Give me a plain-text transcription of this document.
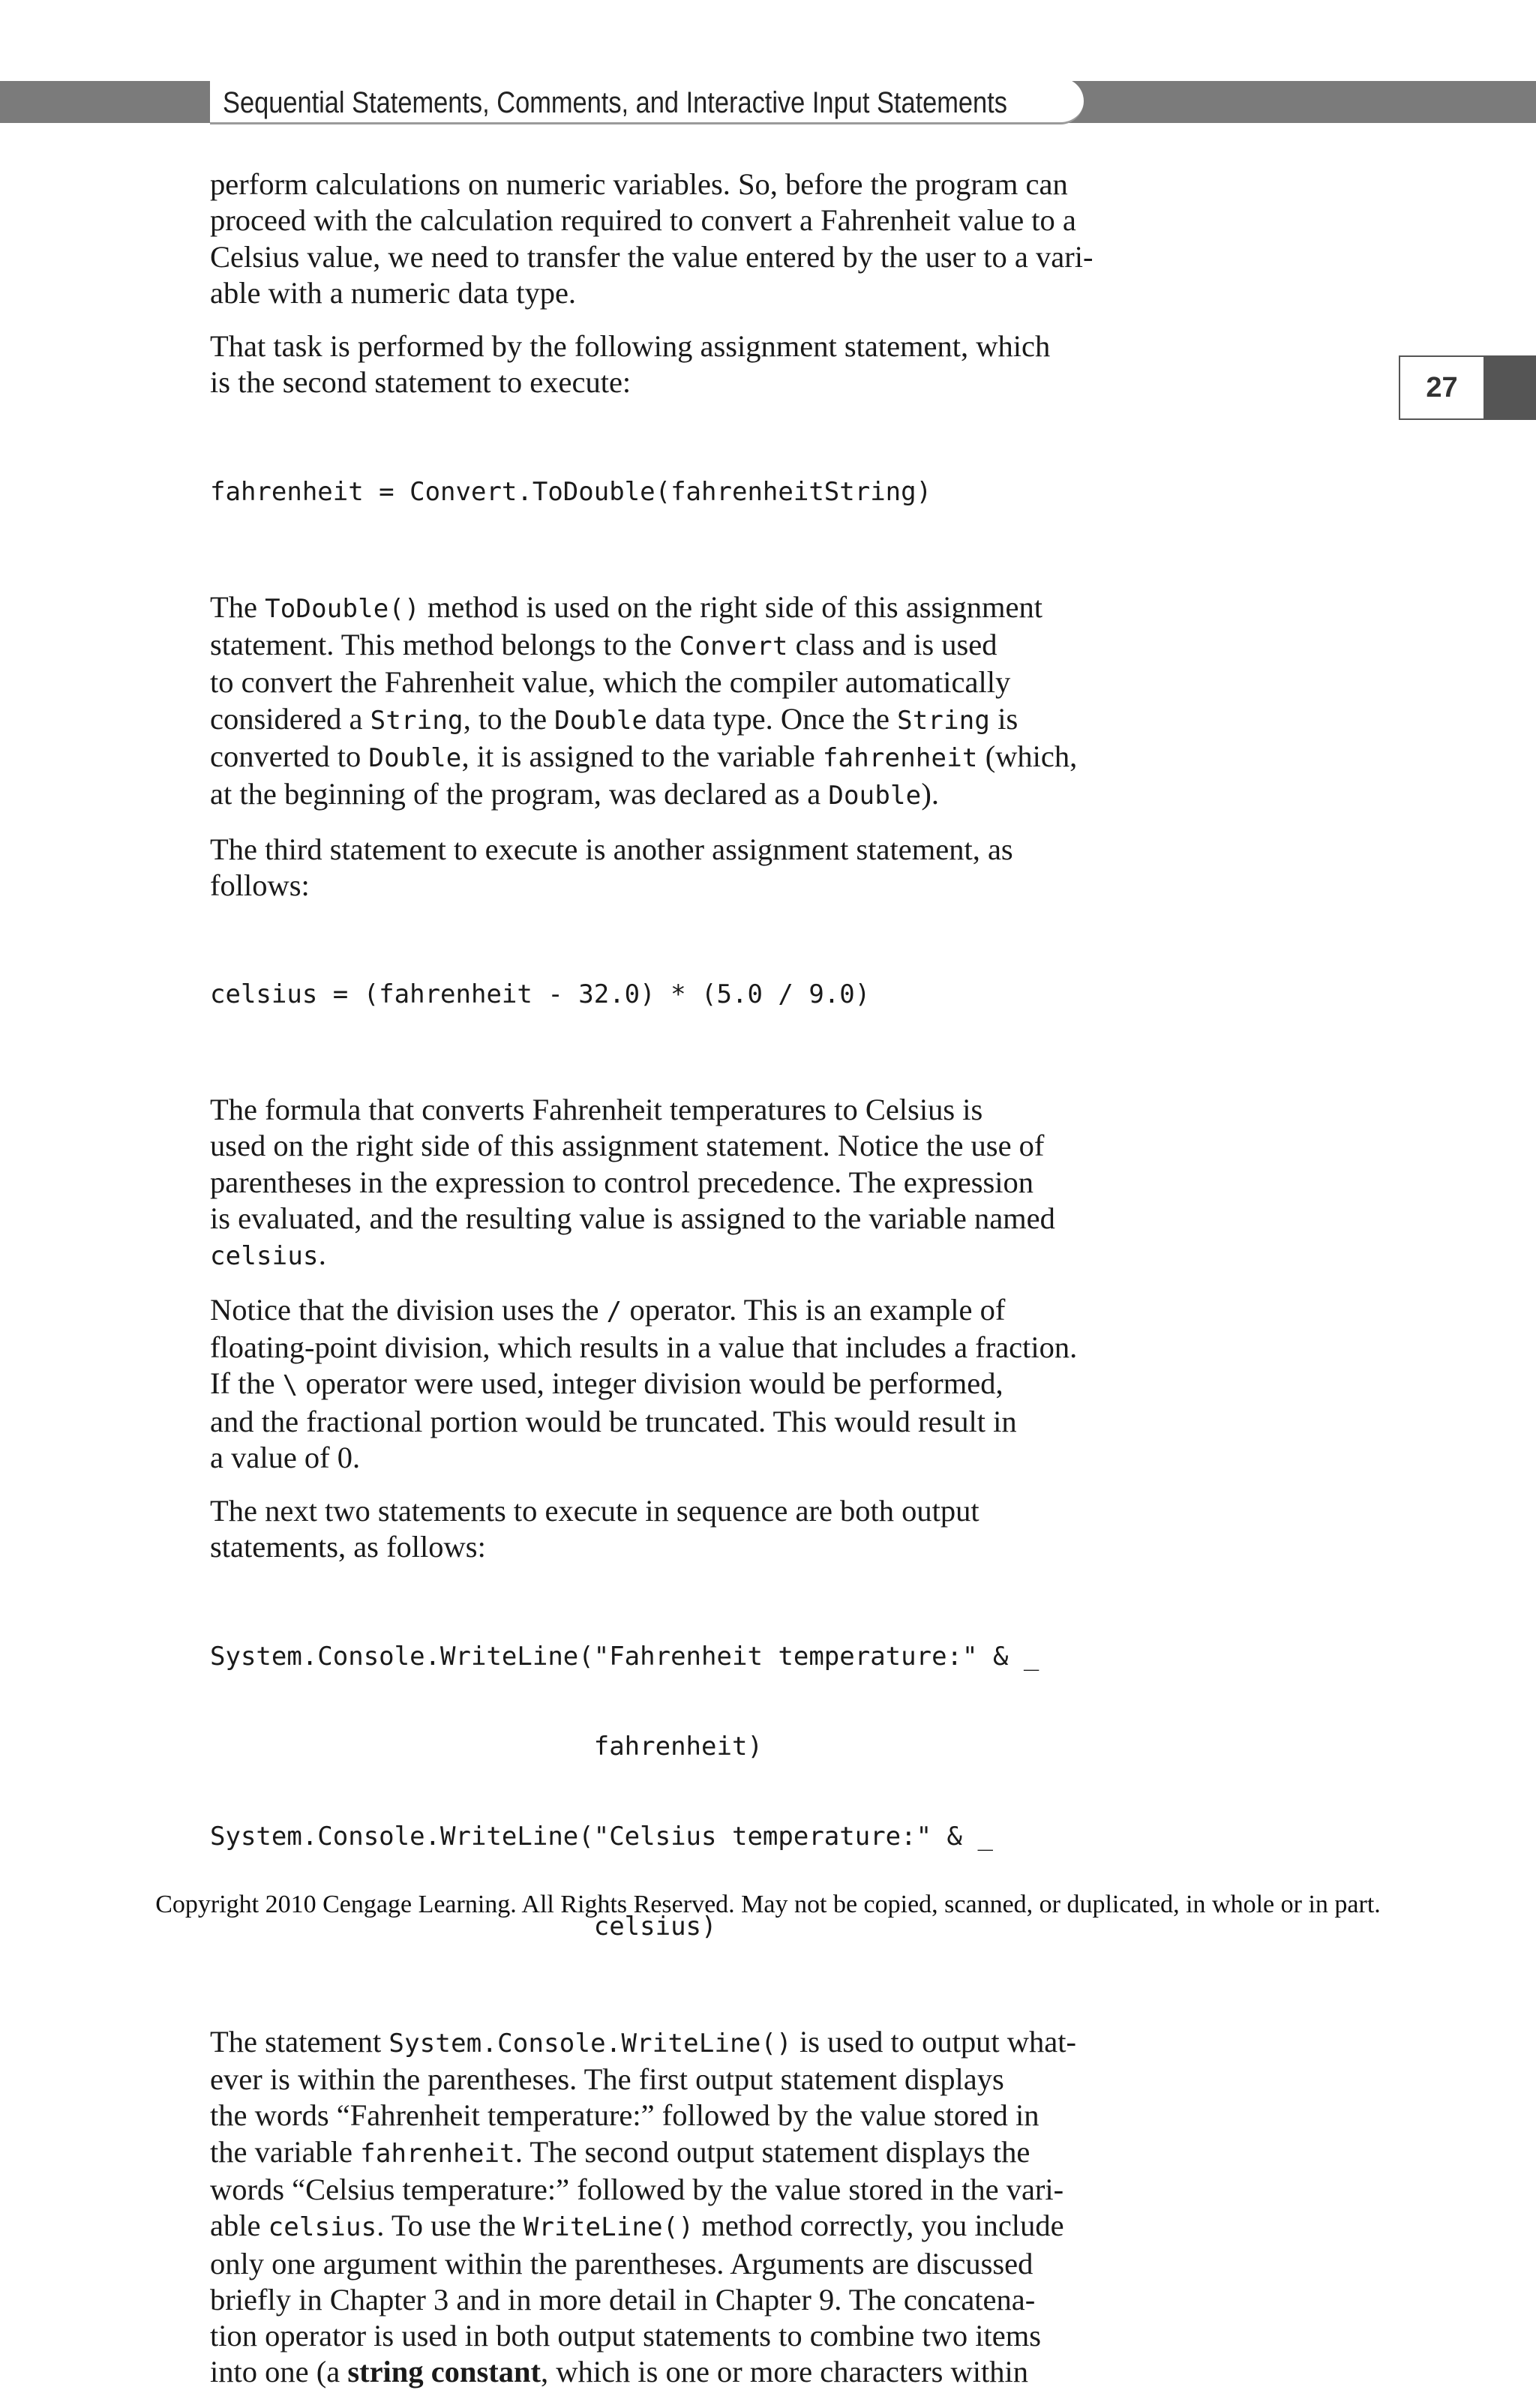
Sequential Statements, Comments, and Interactive Input Statements
27

perform calculations on numeric variables. So, before the program can
proceed with the calculation required to convert a Fahrenheit value to a
Celsius value, we need to transfer the value entered by the user to a vari-
able with a numeric data type.

That task is performed by the following assignment statement, which
is the second statement to execute:

fahrenheit = Convert.ToDouble(fahrenheitString)

The ToDouble() method is used on the right side of this assignment
statement. This method belongs to the Convert class and is used
to convert the Fahrenheit value, which the compiler automatically
considered a String, to the Double data type. Once the String is
converted to Double, it is assigned to the variable fahrenheit (which,
at the beginning of the program, was declared as a Double).

The third statement to execute is another assignment statement, as
follows:

celsius = (fahrenheit - 32.0) * (5.0 / 9.0)

The formula that converts Fahrenheit temperatures to Celsius is
used on the right side of this assignment statement. Notice the use of
parentheses in the expression to control precedence. The expression
is evaluated, and the resulting value is assigned to the variable named
celsius.

Notice that the division uses the / operator. This is an example of
floating-point division, which results in a value that includes a fraction.
If the \ operator were used, integer division would be performed,
and the fractional portion would be truncated. This would result in
a value of 0.

The next two statements to execute in sequence are both output
statements, as follows:

System.Console.WriteLine("Fahrenheit temperature:" & _

fahrenheit)

System.Console.WriteLine("Celsius temperature:" & _

celsius)

The statement System.Console.WriteLine() is used to output what-
ever is within the parentheses. The first output statement displays
the words “Fahrenheit temperature:” followed by the value stored in
the variable fahrenheit. The second output statement displays the
words “Celsius temperature:” followed by the value stored in the vari-
able celsius. To use the WriteLine() method correctly, you include
only one argument within the parentheses. Arguments are discussed
briefly in Chapter 3 and in more detail in Chapter 9. The concatena-
tion operator is used in both output statements to combine two items
into one (a string constant, which is one or more characters within

Copyright 2010 Cengage Learning. All Rights Reserved. May not be copied, scanned, or duplicated, in whole or in part.
